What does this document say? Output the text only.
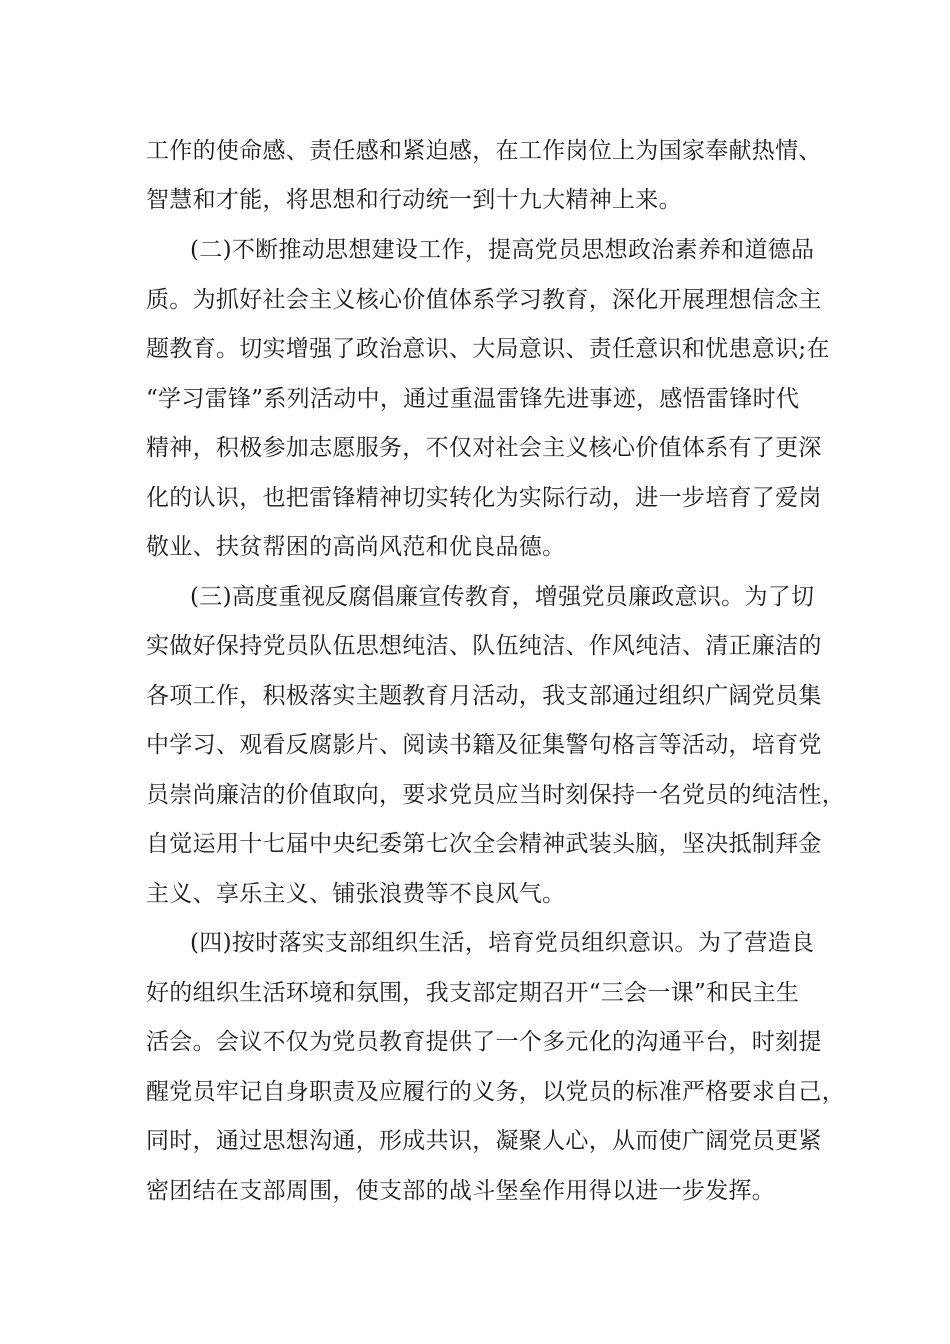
工作的使命感、责任感和紧迫感，在工作岗位上为国家奉献热情、
智慧和才能，将思想和行动统一到十九大精神上来。
(二)不断推动思想建设工作，提高党员思想政治素养和道德品
质。为抓好社会主义核心价值体系学习教育，深化开展理想信念主
题教育。切实增强了政治意识、大局意识、责任意识和忧患意识;在
“学习雷锋”系列活动中，通过重温雷锋先进事迹，感悟雷锋时代
精神，积极参加志愿服务，不仅对社会主义核心价值体系有了更深
化的认识，也把雷锋精神切实转化为实际行动，进一步培育了爱岗
敬业、扶贫帮困的高尚风范和优良品德。
(三)高度重视反腐倡廉宣传教育，增强党员廉政意识。为了切
实做好保持党员队伍思想纯洁、队伍纯洁、作风纯洁、清正廉洁的
各项工作，积极落实主题教育月活动，我支部通过组织广阔党员集
中学习、观看反腐影片、阅读书籍及征集警句格言等活动，培育党
员崇尚廉洁的价值取向，要求党员应当时刻保持一名党员的纯洁性，
自觉运用十七届中央纪委第七次全会精神武装头脑，坚决抵制拜金
主义、享乐主义、铺张浪费等不良风气。
(四)按时落实支部组织生活，培育党员组织意识。为了营造良
好的组织生活环境和氛围，我支部定期召开“三会一课”和民主生
活会。会议不仅为党员教育提供了一个多元化的沟通平台，时刻提
醒党员牢记自身职责及应履行的义务，以党员的标准严格要求自己，
同时，通过思想沟通，形成共识，凝聚人心，从而使广阔党员更紧
密团结在支部周围，使支部的战斗堡垒作用得以进一步发挥。
